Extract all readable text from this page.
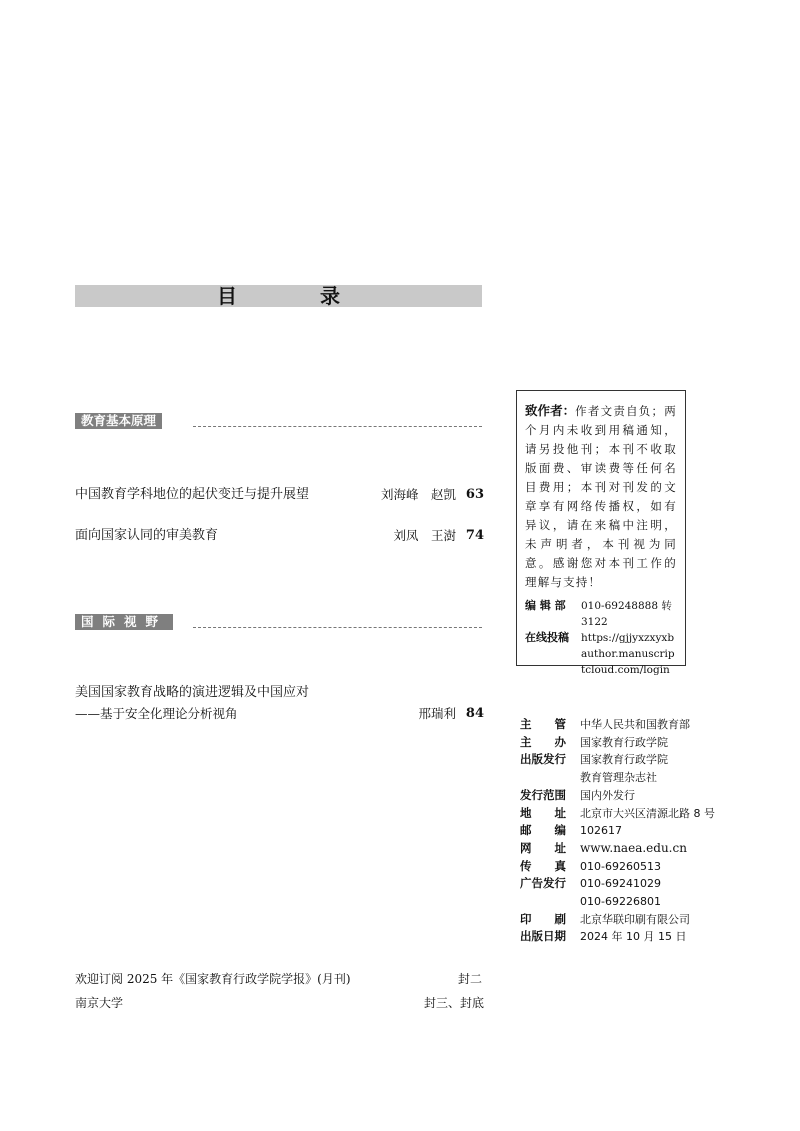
目 录
教育基本原理
中国教育学科地位的起伏变迁与提升展望	刘海峰　赵凯 63
面向国家认同的审美教育	刘凤　王澍 74
国际视野
美国国家教育战略的演进逻辑及中国应对
——基于安全化理论分析视角	邢瑞利 84
致作者：作者文责自负；两个月内未收到用稿通知，请另投他刊；本刊不收取版面费、审读费等任何名目费用；本刊对刊发的文章享有网络传播权，如有异议，请在来稿中注明，未声明者，本刊视为同意。感谢您对本刊工作的理解与支持！
编 辑 部	010-69248888 转 3122
在线投稿	https://gjjyxzxyxbauthor.manuscriptcloud.com/login
主　　管	中华人民共和国教育部
主　　办	国家教育行政学院
出版发行	国家教育行政学院
教育管理杂志社
发行范围	国内外发行
地　　址	北京市大兴区清源北路 8 号
邮　　编	102617
网　　址	www.naea.edu.cn
传　　真	010-69260513
广告发行	010-69241029
010-69226801
印　　刷	北京华联印刷有限公司
出版日期	2024 年 10 月 15 日
欢迎订阅 2025 年《国家教育行政学院学报》(月刊)	封二
南京大学	封三、封底
